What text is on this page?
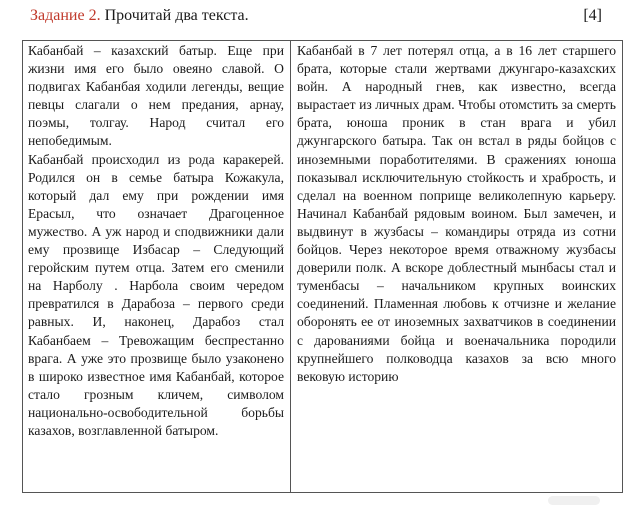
Задание 2. Прочитай два текста.	[4]

Кабанбай – казахский батыр. Еще при жизни имя его было овеяно славой. О подвигах Кабанбая ходили легенды, вещие певцы слагали о нем предания, арнау, поэмы, толгау. Народ считал его непобедимым.

Кабанбай происходил из рода каракерей. Родился он в семье батыра Кожакула, который дал ему при рождении имя Ерасыл, что означает Драгоценное мужество. А уж народ и сподвижники дали ему прозвище Избасар – Следующий геройским путем отца. Затем его сменили на Нарболу . Нарбола своим чередом превратился в Дарабоза – первого среди равных. И, наконец, Дарабоз стал Кабанбаем – Тревожащим беспрестанно врага. А уже это прозвище было узаконено в широко известное имя Кабанбай, которое стало грозным кличем, символом национально-освободительной борьбы казахов, возглавленной батыром.

Кабанбай в 7 лет потерял отца, а в 16 лет старшего брата, которые стали жертвами джунгаро-казахских войн. А народный гнев, как известно, всегда вырастает из личных драм. Чтобы отомстить за смерть брата, юноша проник в стан врага и убил джунгарского батыра. Так он встал в ряды бойцов с иноземными поработителями. В сражениях юноша показывал исключительную стойкость и храбрость, и сделал на военном поприще великолепную карьеру. Начинал Кабанбай рядовым воином. Был замечен, и выдвинут в жузбасы – командиры отряда из сотни бойцов. Через некоторое время отважному жузбасы доверили полк. А вскоре доблестный мынбасы стал и туменбасы – начальником крупных воинских соединений. Пламенная любовь к отчизне и желание оборонять ее от иноземных захватчиков в соединении с дарованиями бойца и военачальника породили крупнейшего полководца казахов за всю много вековую историю
